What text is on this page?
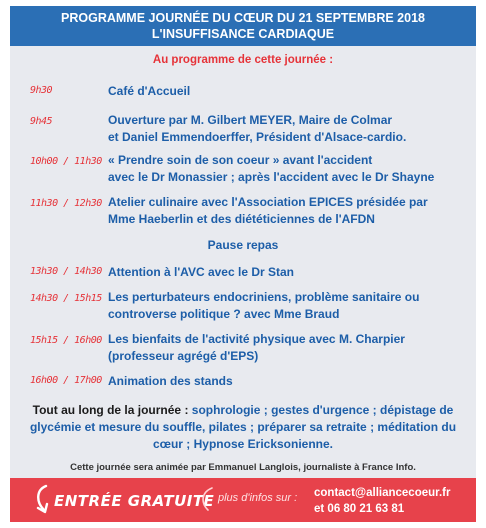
PROGRAMME JOURNÉE DU CŒUR DU 21 SEPTEMBRE 2018
L'INSUFFISANCE CARDIAQUE
Au programme de cette journée :
9h30	Café d'Accueil
9h45	Ouverture par M. Gilbert MEYER, Maire de Colmar
et Daniel Emmendoerffer, Président d'Alsace-cardio.
10h00 / 11h30 « Prendre soin de son coeur » avant l'accident
avec le Dr Monassier ; après l'accident avec le Dr Shayne
11h30 / 12h30 Atelier culinaire avec l'Association EPICES présidée par
Mme Haeberlin et des diététiciennes de l'AFDN
Pause repas
13h30 / 14h30 Attention à l'AVC avec le Dr Stan
14h30 / 15h15 Les perturbateurs endocriniens, problème sanitaire ou
controverse politique ? avec Mme Braud
15h15 / 16h00 Les bienfaits de l'activité physique avec M. Charpier
(professeur agrégé d'EPS)
16h00 / 17h00 Animation des stands
Tout au long de la journée : sophrologie ; gestes d'urgence ; dépistage de glycémie et mesure du souffle, pilates ; préparer sa retraite ; méditation du cœur ; Hypnose Ericksonienne.
Cette journée sera animée par Emmanuel Langlois, journaliste à France Info.
ENTRÉE GRATUITE plus d'infos sur : contact@alliancecoeur.fr
et 06 80 21 63 81
